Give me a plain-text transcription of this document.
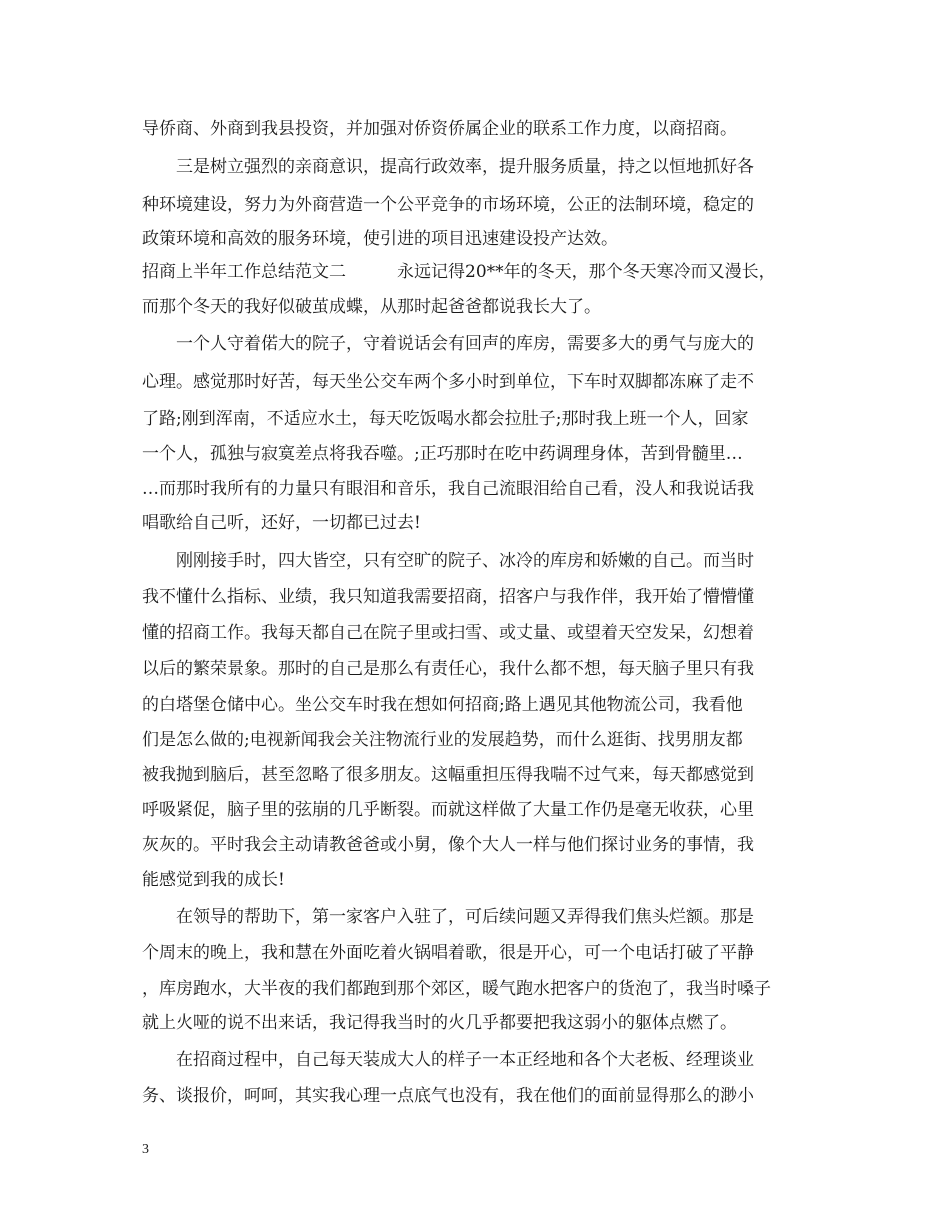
导侨商、外商到我县投资，并加强对侨资侨属企业的联系工作力度，以商招商。
　　三是树立强烈的亲商意识，提高行政效率，提升服务质量，持之以恒地抓好各
种环境建设，努力为外商营造一个公平竞争的市场环境，公正的法制环境，稳定的
政策环境和高效的服务环境，使引进的项目迅速建设投产达效。
招商上半年工作总结范文二　　　永远记得20**年的冬天，那个冬天寒冷而又漫长，
而那个冬天的我好似破茧成蝶，从那时起爸爸都说我长大了。
　　一个人守着偌大的院子，守着说话会有回声的库房，需要多大的勇气与庞大的
心理。感觉那时好苦，每天坐公交车两个多小时到单位，下车时双脚都冻麻了走不
了路;刚到浑南，不适应水土，每天吃饭喝水都会拉肚子;那时我上班一个人，回家
一个人，孤独与寂寞差点将我吞噬。;正巧那时在吃中药调理身体，苦到骨髓里…
…而那时我所有的力量只有眼泪和音乐，我自己流眼泪给自己看，没人和我说话我
唱歌给自己听，还好，一切都已过去!
　　刚刚接手时，四大皆空，只有空旷的院子、冰冷的库房和娇嫩的自己。而当时
我不懂什么指标、业绩，我只知道我需要招商，招客户与我作伴，我开始了懵懵懂
懂的招商工作。我每天都自己在院子里或扫雪、或丈量、或望着天空发呆，幻想着
以后的繁荣景象。那时的自己是那么有责任心，我什么都不想，每天脑子里只有我
的白塔堡仓储中心。坐公交车时我在想如何招商;路上遇见其他物流公司，我看他
们是怎么做的;电视新闻我会关注物流行业的发展趋势，而什么逛街、找男朋友都
被我抛到脑后，甚至忽略了很多朋友。这幅重担压得我喘不过气来，每天都感觉到
呼吸紧促，脑子里的弦崩的几乎断裂。而就这样做了大量工作仍是毫无收获，心里
灰灰的。平时我会主动请教爸爸或小舅，像个大人一样与他们探讨业务的事情，我
能感觉到我的成长!
　　在领导的帮助下，第一家客户入驻了，可后续问题又弄得我们焦头烂额。那是
个周末的晚上，我和慧在外面吃着火锅唱着歌，很是开心，可一个电话打破了平静
，库房跑水，大半夜的我们都跑到那个郊区，暖气跑水把客户的货泡了，我当时嗓子
就上火哑的说不出来话，我记得我当时的火几乎都要把我这弱小的躯体点燃了。
　　在招商过程中，自己每天装成大人的样子一本正经地和各个大老板、经理谈业
务、谈报价，呵呵，其实我心理一点底气也没有，我在他们的面前显得那么的渺小
3
